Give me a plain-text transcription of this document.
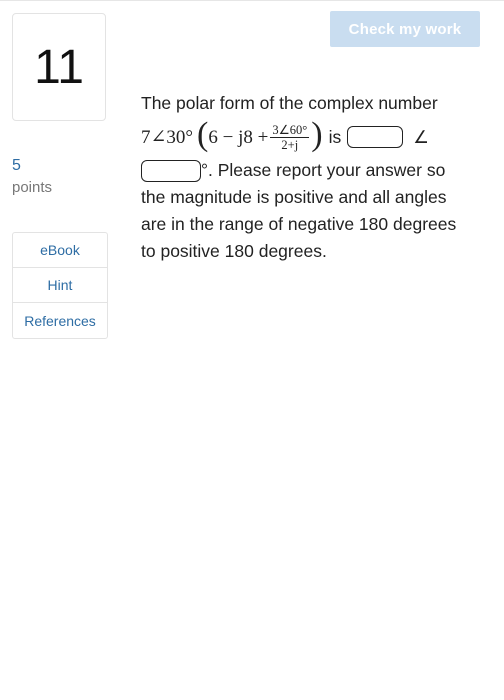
Check my work
11
5
points
eBook
Hint
References
The polar form of the complex number
7∠30° ( $6 - j8 + \frac{3\angle 60^\circ}{2+j}$ ) is	∠
°. Please report your answer so
the magnitude is positive and all angles
are in the range of negative 180 degrees
to positive 180 degrees.
